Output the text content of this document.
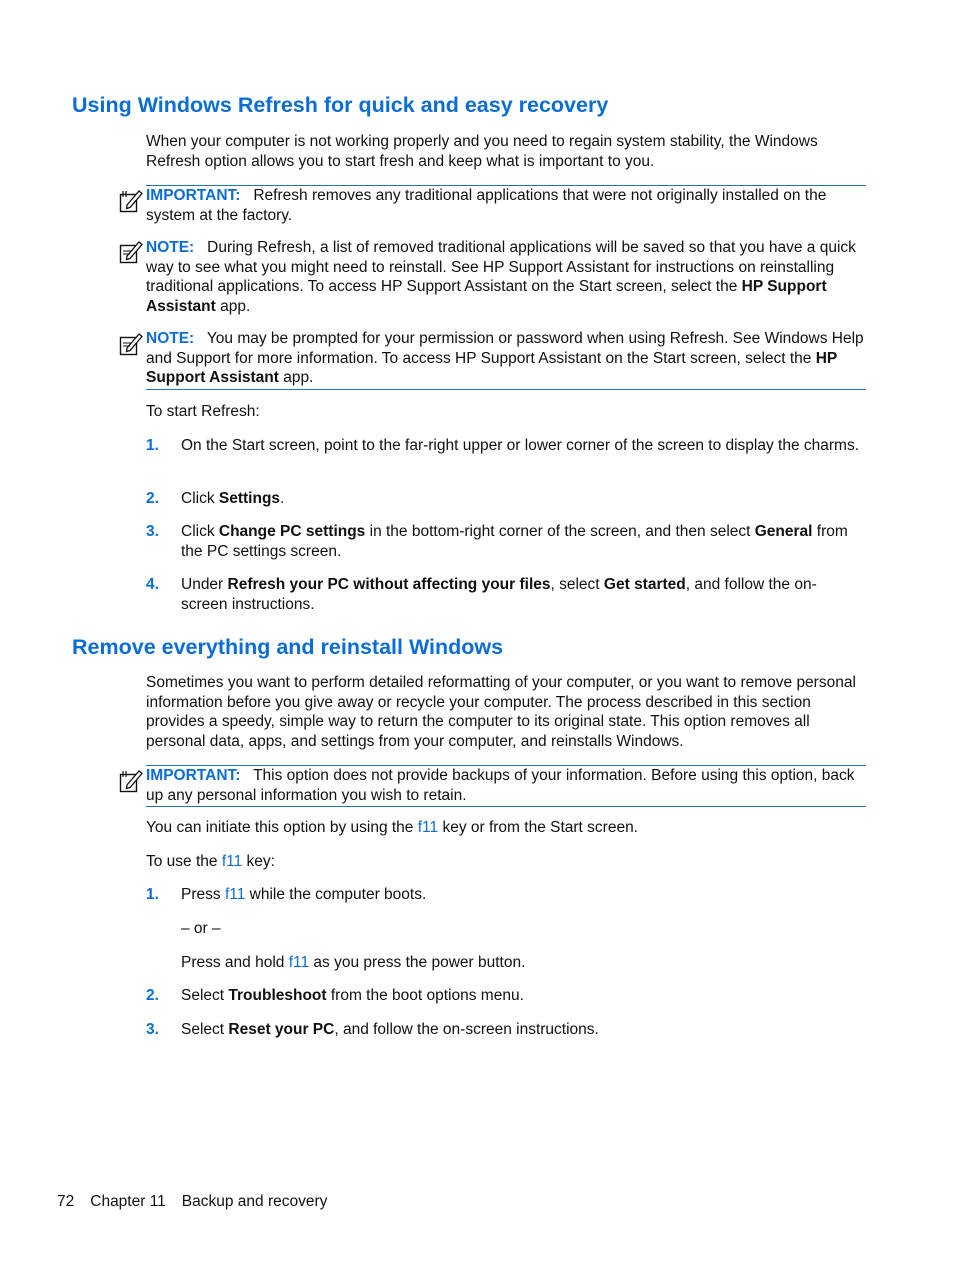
Using Windows Refresh for quick and easy recovery

When your computer is not working properly and you need to regain system stability, the Windows Refresh option allows you to start fresh and keep what is important to you.

IMPORTANT: Refresh removes any traditional applications that were not originally installed on the system at the factory.
NOTE: During Refresh, a list of removed traditional applications will be saved so that you have a quick way to see what you might need to reinstall. See HP Support Assistant for instructions on reinstalling traditional applications. To access HP Support Assistant on the Start screen, select the HP Support Assistant app.
NOTE: You may be prompted for your permission or password when using Refresh. See Windows Help and Support for more information. To access HP Support Assistant on the Start screen, select the HP Support Assistant app.

To start Refresh:

1. On the Start screen, point to the far-right upper or lower corner of the screen to display the charms.
2. Click Settings.
3. Click Change PC settings in the bottom-right corner of the screen, and then select General from the PC settings screen.
4. Under Refresh your PC without affecting your files, select Get started, and follow the on-screen instructions.
Remove everything and reinstall Windows

Sometimes you want to perform detailed reformatting of your computer, or you want to remove personal information before you give away or recycle your computer. The process described in this section provides a speedy, simple way to return the computer to its original state. This option removes all personal data, apps, and settings from your computer, and reinstalls Windows.

IMPORTANT: This option does not provide backups of your information. Before using this option, back up any personal information you wish to retain.

You can initiate this option by using the f11 key or from the Start screen.

To use the f11 key:

1. Press f11 while the computer boots.

– or –

Press and hold f11 as you press the power button.

2. Select Troubleshoot from the boot options menu.
3. Select Reset your PC, and follow the on-screen instructions.
72 Chapter 11 Backup and recovery
